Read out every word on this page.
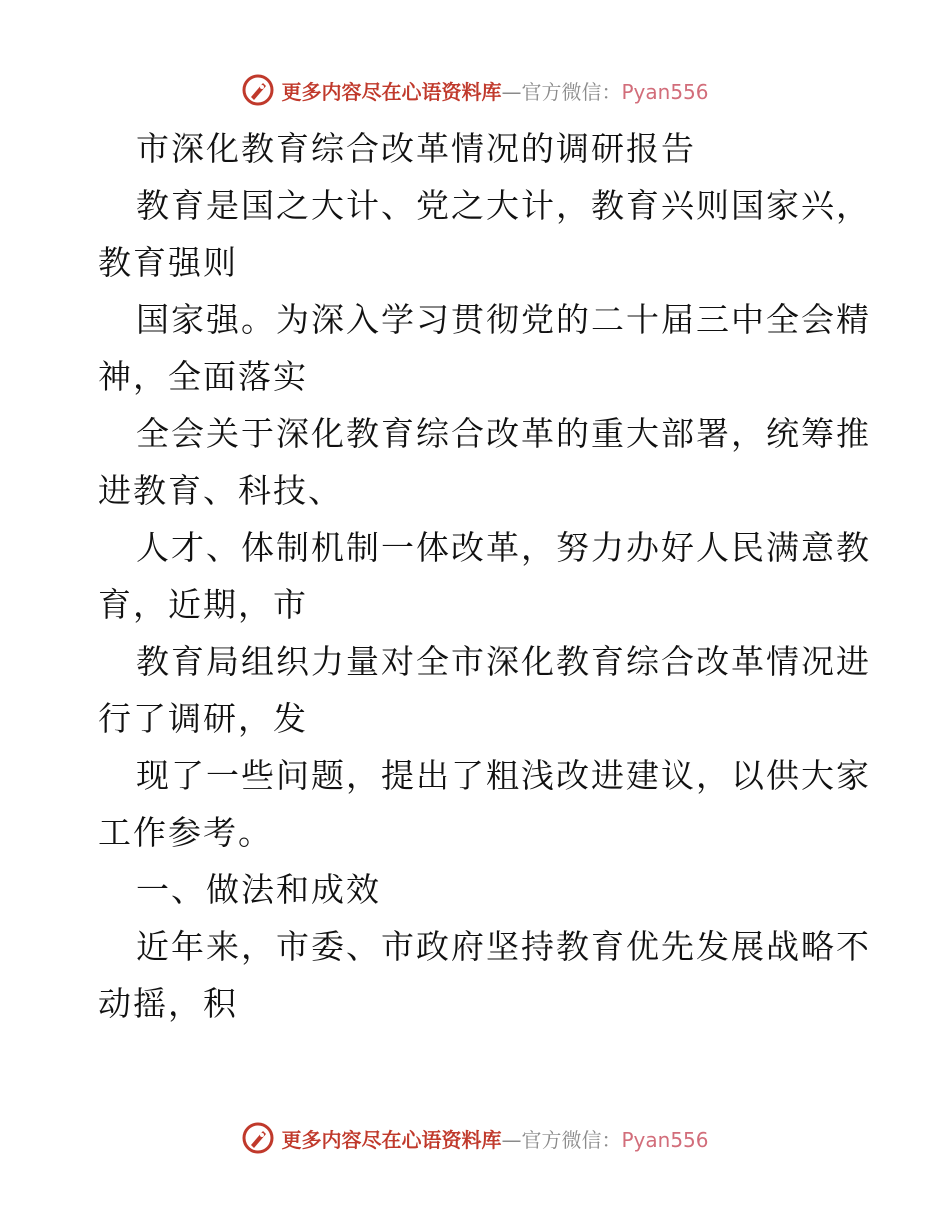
更多内容尽在心语资料库—官方微信：Pyan556
市深化教育综合改革情况的调研报告
教育是国之大计、党之大计，教育兴则国家兴，
教育强则
国家强。为深入学习贯彻党的二十届三中全会精
神，全面落实
全会关于深化教育综合改革的重大部署，统筹推
进教育、科技、
人才、体制机制一体改革，努力办好人民满意教
育，近期，市
教育局组织力量对全市深化教育综合改革情况进
行了调研，发
现了一些问题，提出了粗浅改进建议，以供大家
工作参考。
一、做法和成效
近年来，市委、市政府坚持教育优先发展战略不
动摇，积
更多内容尽在心语资料库—官方微信：Pyan556
